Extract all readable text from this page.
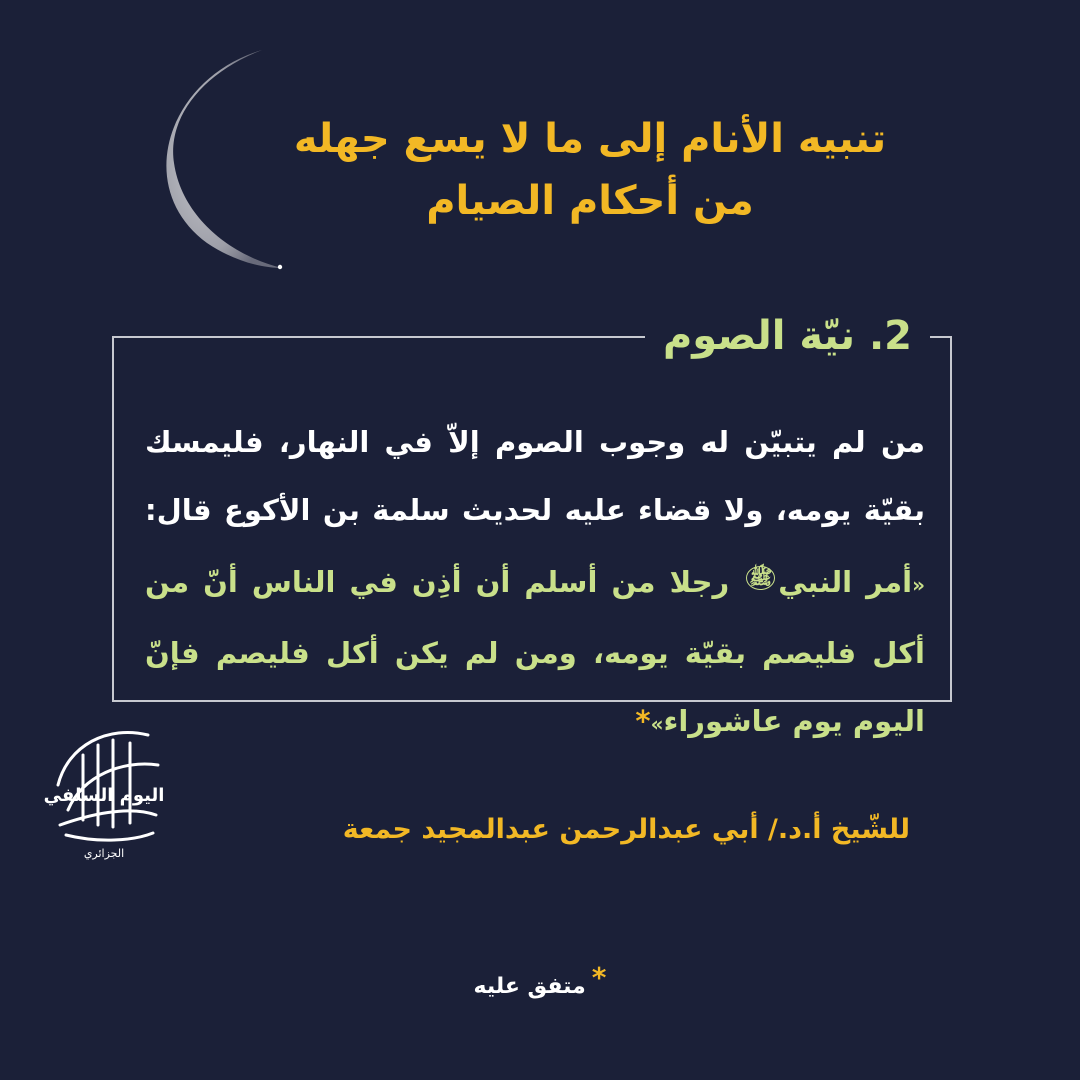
تنبيه الأنام إلى ما لا يسع جهله
من أحكام الصيام
2. نيّة الصوم
من لم يتبيّن له وجوب الصوم إلاّ في النهار، فليمسك بقيّة يومه، ولا قضاء عليه لحديث سلمة بن الأكوع قال: «أمر النبي$^ﷺ$ رجلا من أسلم أن أذِن في الناس أنّ من أكل فليصم بقيّة يومه، ومن لم يكن أكل فليصم فإنّ اليوم يوم عاشوراء»*
اليوم السلفي
الجزائري
للشّيخ أ.د./ أبي عبدالرحمن عبدالمجيد جمعة
*متفق عليه
